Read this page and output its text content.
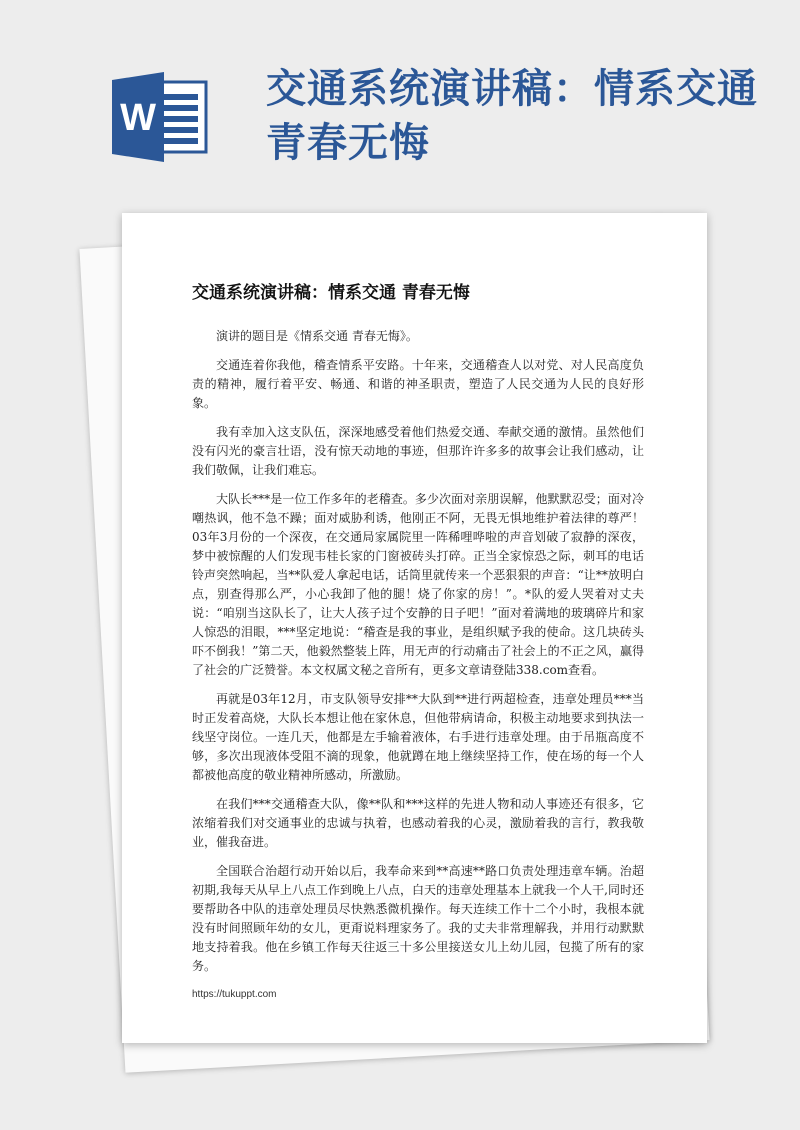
W
交通系统演讲稿：情系交通青春无悔
交通系统演讲稿：情系交通 青春无悔

演讲的题目是《情系交通 青春无悔》。

交通连着你我他，稽查情系平安路。十年来，交通稽查人以对党、对人民高度负责的精神，履行着平安、畅通、和谐的神圣职责，塑造了人民交通为人民的良好形象。

我有幸加入这支队伍，深深地感受着他们热爱交通、奉献交通的激情。虽然他们没有闪光的豪言壮语，没有惊天动地的事迹，但那许许多多的故事会让我们感动，让我们敬佩，让我们难忘。

大队长***是一位工作多年的老稽查。多少次面对亲朋误解，他默默忍受；面对冷嘲热讽，他不急不躁；面对威胁利诱，他刚正不阿，无畏无惧地维护着法律的尊严！03年3月份的一个深夜，在交通局家属院里一阵稀哩哗啦的声音划破了寂静的深夜，梦中被惊醒的人们发现韦桂长家的门窗被砖头打碎。正当全家惊恐之际，刺耳的电话铃声突然响起，当**队爱人拿起电话，话筒里就传来一个恶狠狠的声音：“让**放明白点，别查得那么严，小心我卸了他的腿！烧了你家的房！”。*队的爱人哭着对丈夫说：“咱别当这队长了，让大人孩子过个安静的日子吧！”面对着满地的玻璃碎片和家人惊恐的泪眼，***坚定地说：“稽查是我的事业，是组织赋予我的使命。这几块砖头吓不倒我！”第二天，他毅然整装上阵，用无声的行动痛击了社会上的不正之风，赢得了社会的广泛赞誉。本文权属文秘之音所有，更多文章请登陆338.com查看。

再就是03年12月，市支队领导安排**大队到**进行两超检查，违章处理员***当时正发着高烧，大队长本想让他在家休息，但他带病请命，积极主动地要求到执法一线坚守岗位。一连几天，他都是左手输着液体，右手进行违章处理。由于吊瓶高度不够，多次出现液体受阻不滴的现象，他就蹲在地上继续坚持工作，使在场的每一个人都被他高度的敬业精神所感动，所激励。

在我们***交通稽查大队，像**队和***这样的先进人物和动人事迹还有很多，它浓缩着我们对交通事业的忠诚与执着，也感动着我的心灵，激励着我的言行，教我敬业，催我奋进。

全国联合治超行动开始以后，我奉命来到**高速**路口负责处理违章车辆。治超初期,我每天从早上八点工作到晚上八点，白天的违章处理基本上就我一个人干,同时还要帮助各中队的违章处理员尽快熟悉微机操作。每天连续工作十二个小时，我根本就没有时间照顾年幼的女儿，更甭说料理家务了。我的丈夫非常理解我，并用行动默默地支持着我。他在乡镇工作每天往返三十多公里接送女儿上幼儿园，包揽了所有的家务。

https://tukuppt.com
